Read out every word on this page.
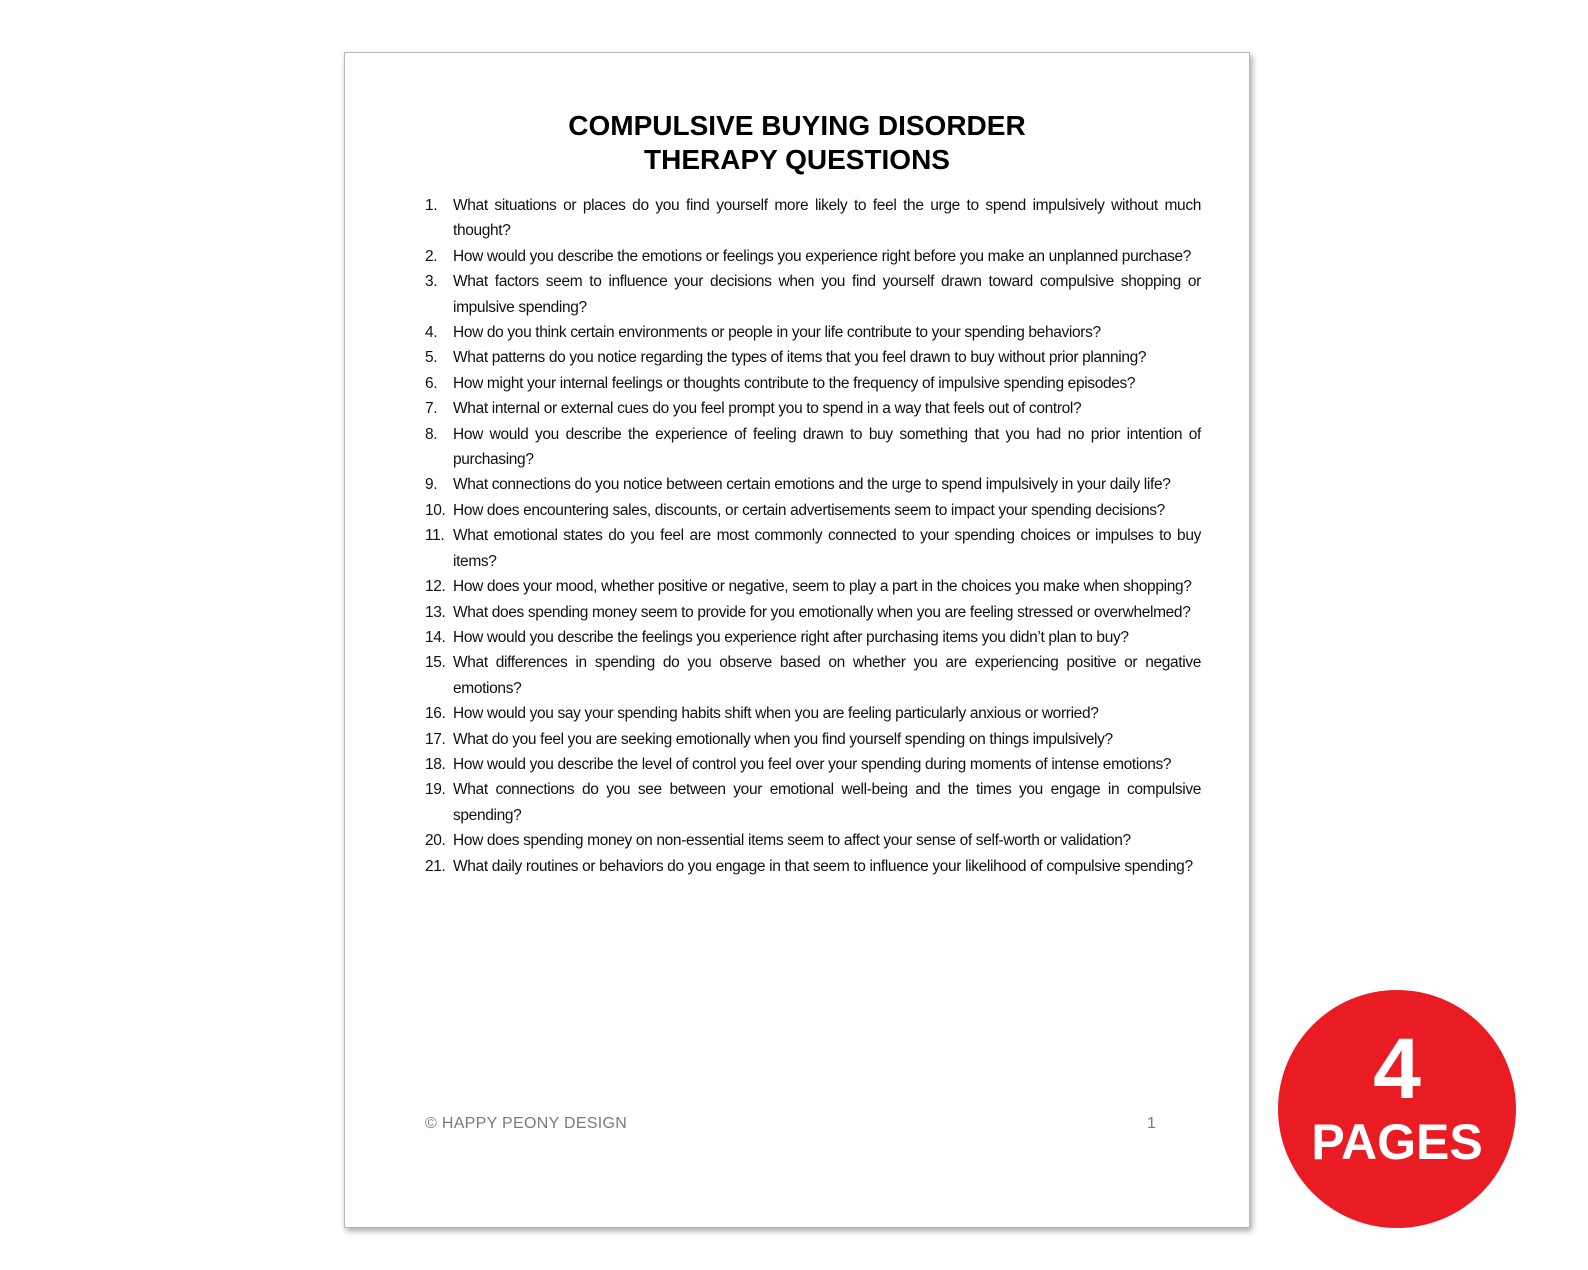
COMPULSIVE BUYING DISORDER
THERAPY QUESTIONS
1.	What situations or places do you find yourself more likely to feel the urge to spend impulsively without much thought?
2.	How would you describe the emotions or feelings you experience right before you make an unplanned purchase?
3.	What factors seem to influence your decisions when you find yourself drawn toward compulsive shopping or impulsive spending?
4.	How do you think certain environments or people in your life contribute to your spending behaviors?
5.	What patterns do you notice regarding the types of items that you feel drawn to buy without prior planning?
6.	How might your internal feelings or thoughts contribute to the frequency of impulsive spending episodes?
7.	What internal or external cues do you feel prompt you to spend in a way that feels out of control?
8.	How would you describe the experience of feeling drawn to buy something that you had no prior intention of purchasing?
9.	What connections do you notice between certain emotions and the urge to spend impulsively in your daily life?
10. How does encountering sales, discounts, or certain advertisements seem to impact your spending decisions?
11. What emotional states do you feel are most commonly connected to your spending choices or impulses to buy items?
12. How does your mood, whether positive or negative, seem to play a part in the choices you make when shopping?
13. What does spending money seem to provide for you emotionally when you are feeling stressed or overwhelmed?
14. How would you describe the feelings you experience right after purchasing items you didn’t plan to buy?
15. What differences in spending do you observe based on whether you are experiencing positive or negative emotions?
16. How would you say your spending habits shift when you are feeling particularly anxious or worried?
17. What do you feel you are seeking emotionally when you find yourself spending on things impulsively?
18. How would you describe the level of control you feel over your spending during moments of intense emotions?
19. What connections do you see between your emotional well-being and the times you engage in compulsive spending?
20. How does spending money on non-essential items seem to affect your sense of self-worth or validation?
21. What daily routines or behaviors do you engage in that seem to influence your likelihood of compulsive spending?
© HAPPY PEONY DESIGN	1
4
PAGES
